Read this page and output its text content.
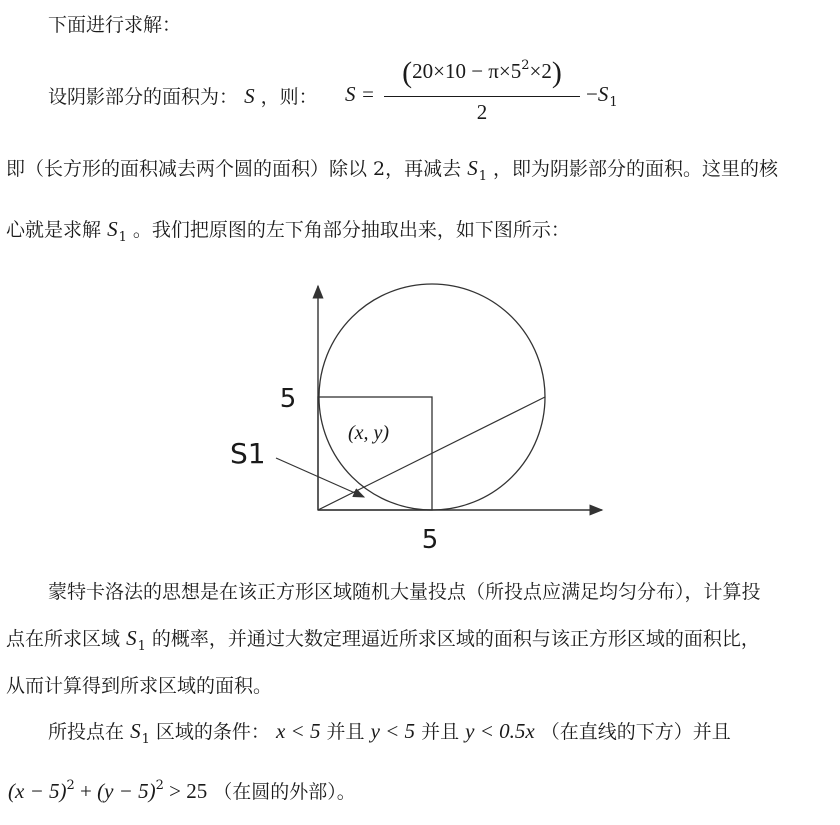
下面进行求解：
设阴影部分的面积为： S ，则： S =
$(20\times 10 - \pi\times 5^2\times 2)$
2
$-S_1$
即（长方形的面积减去两个圆的面积）除以 2，再减去 $S_1$ ，即为阴影部分的面积。这里的核
心就是求解 $S_1$ 。我们把原图的左下角部分抽取出来，如下图所示：
5
5
S1
(x, y)
蒙特卡洛法的思想是在该正方形区域随机大量投点（所投点应满足均匀分布），计算投
点在所求区域 $S_1$ 的概率，并通过大数定理逼近所求区域的面积与该正方形区域的面积比，
从而计算得到所求区域的面积。
所投点在 $S_1$ 区域的条件： x < 5 并且 y < 5 并且 y < 0.5x （在直线的下方）并且
$(x - 5)^2 + (y - 5)^2 > 25$ （在圆的外部）。
